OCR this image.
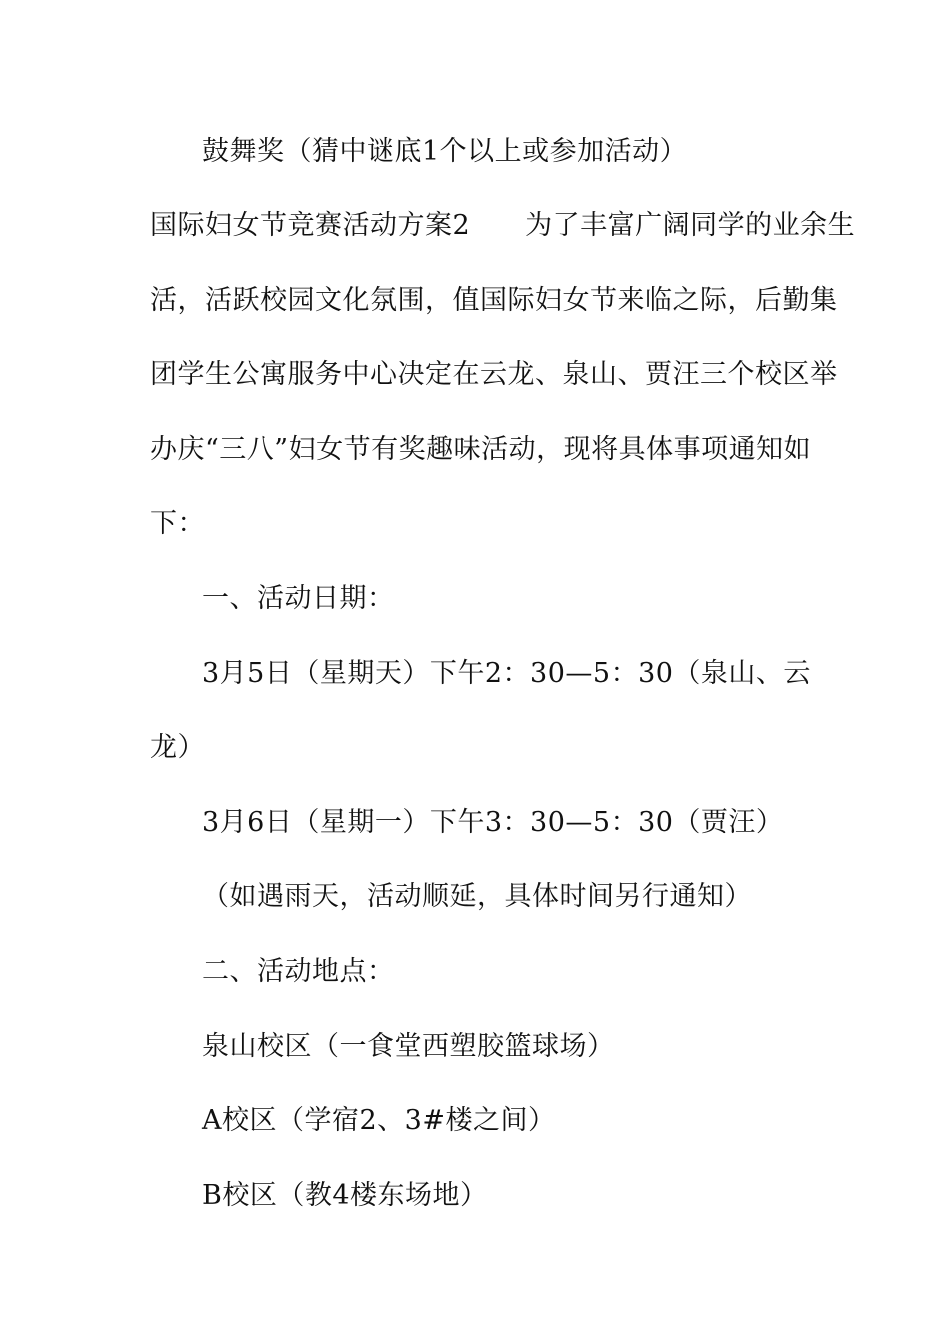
鼓舞奖（猜中谜底1个以上或参加活动）
国际妇女节竞赛活动方案2　　为了丰富广阔同学的业余生
活，活跃校园文化氛围，值国际妇女节来临之际，后勤集
团学生公寓服务中心决定在云龙、泉山、贾汪三个校区举
办庆“三八”妇女节有奖趣味活动，现将具体事项通知如
下：
一、活动日期：
3月5日（星期天）下午2：30—5：30（泉山、云
龙）
3月6日（星期一）下午3：30—5：30（贾汪）
（如遇雨天，活动顺延，具体时间另行通知）
二、活动地点：
泉山校区（一食堂西塑胶篮球场）
A校区（学宿2、3#楼之间）
B校区（教4楼东场地）
